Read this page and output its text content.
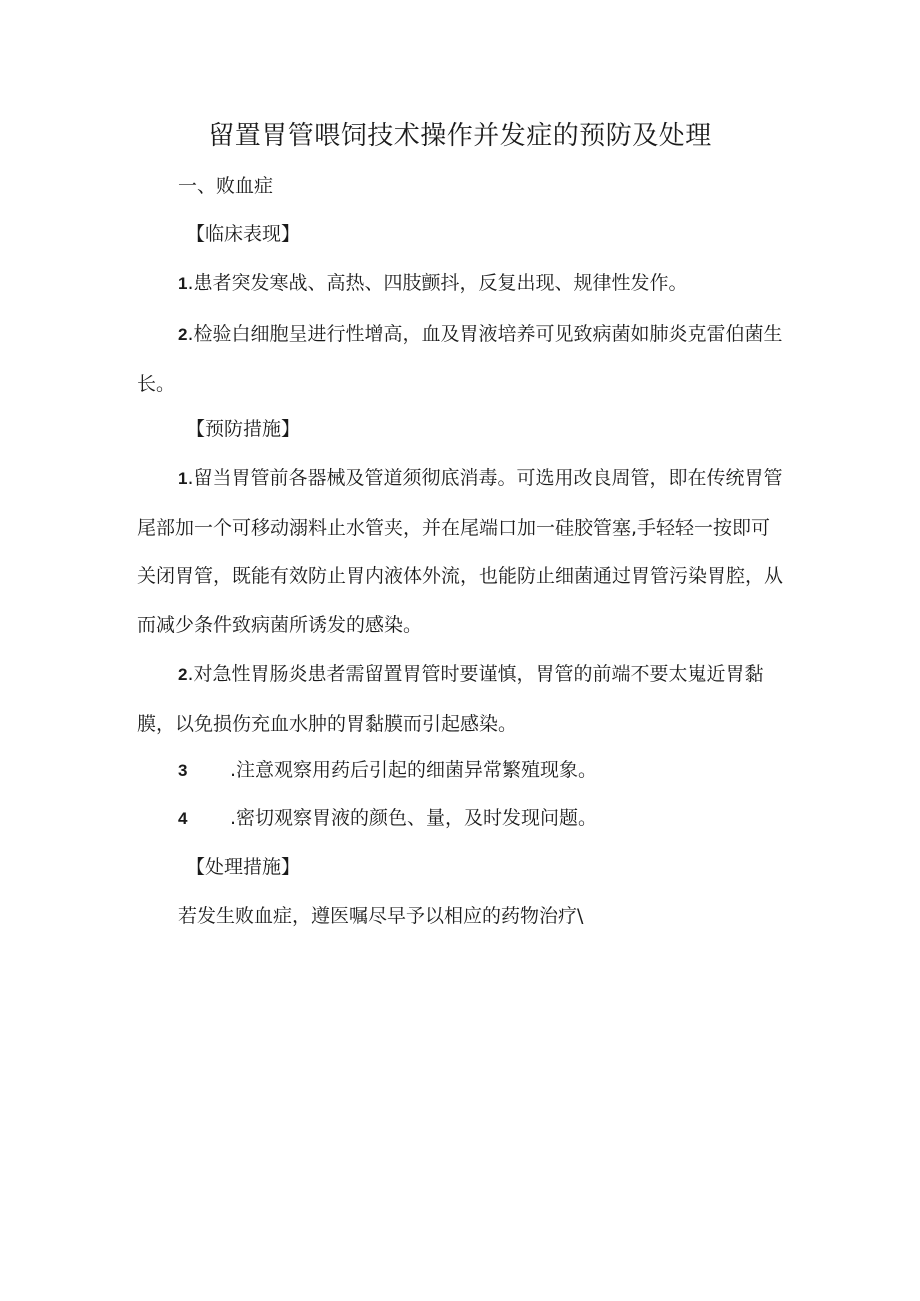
留置胃管喂饲技术操作并发症的预防及处理

一、败血症

【临床表现】

1.患者突发寒战、高热、四肢颤抖，反复出现、规律性发作。

2.检验白细胞呈进行性增高，血及胃液培养可见致病菌如肺炎克雷伯菌生长。

【预防措施】

1.留当胃管前各器械及管道须彻底消毒。可选用改良周管，即在传统胃管尾部加一个可移动溺料止水管夹，并在尾端口加一硅胶管塞,手轻轻一按即可关闭胃管，既能有效防止胃内液体外流，也能防止细菌通过胃管污染胃腔，从而减少条件致病菌所诱发的感染。

2.对急性胃肠炎患者需留置胃管时要谨慎，胃管的前端不要太嵬近胃黏膜，以免损伤充血水肿的胃黏膜而引起感染。

3 .注意观察用药后引起的细菌异常繁殖现象。

4 .密切观察胃液的颜色、量，及时发现问题。

【处理措施】

若发生败血症，遵医嘱尽早予以相应的药物治疗\
